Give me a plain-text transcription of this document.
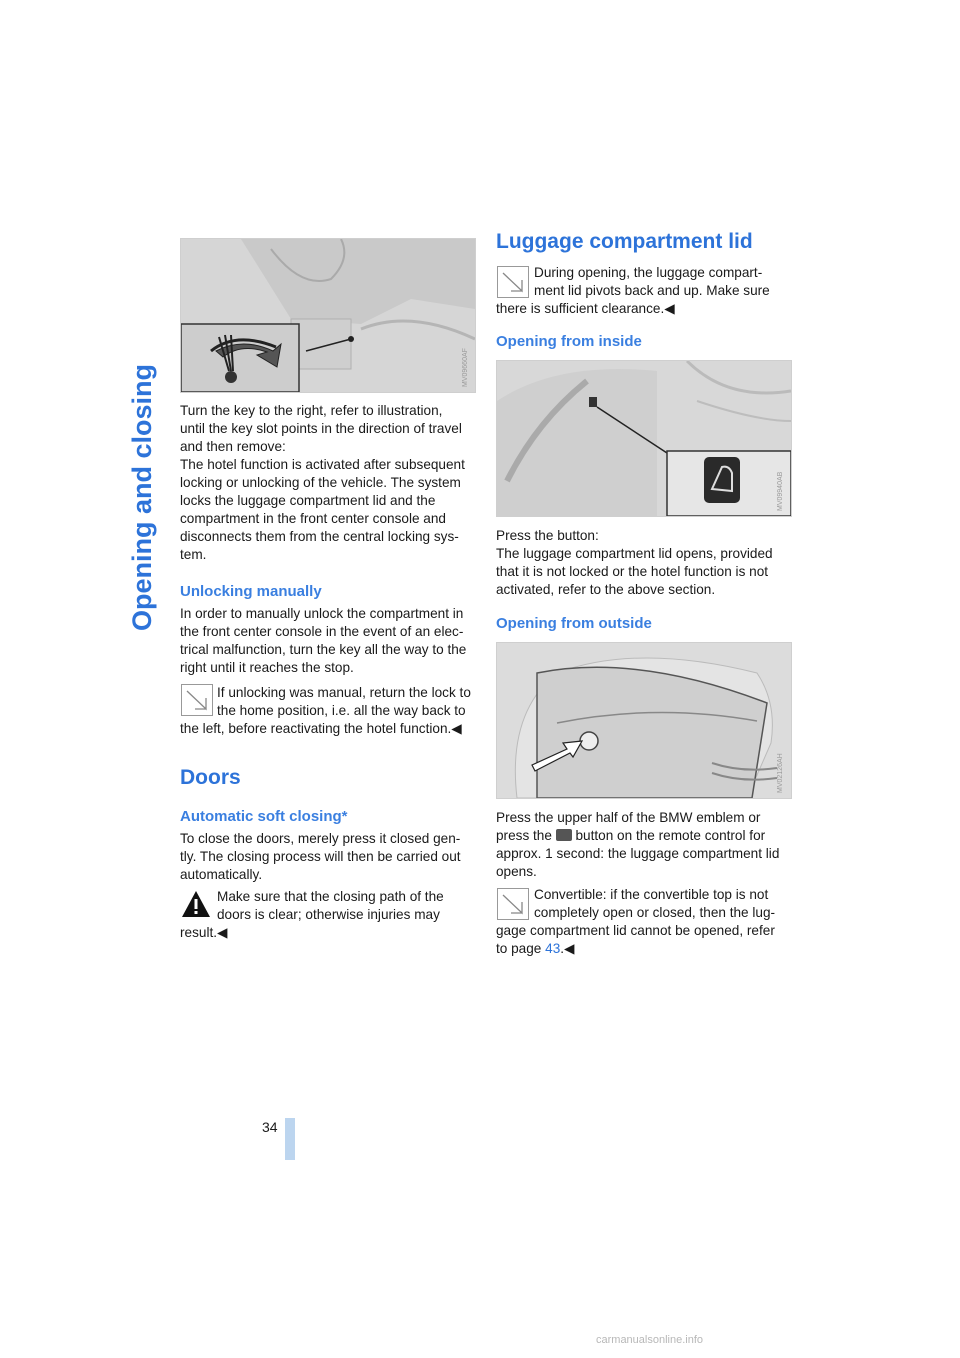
Opening and closing	MV09660AF
Turn the key to the right, refer to illustration,
until the key slot points in the direction of travel
and then remove:
The hotel function is activated after subsequent
locking or unlocking of the vehicle. The system
locks the luggage compartment lid and the
compartment in the front center console and
disconnects them from the central locking sys-
tem.
Unlocking manually
In order to manually unlock the compartment in
the front center console in the event of an elec-
trical malfunction, turn the key all the way to the
right until it reaches the stop.
If unlocking was manual, return the lock to
the home position, i.e. all the way back to
the left, before reactivating the hotel function.◀
Doors
Automatic soft closing*
To close the doors, merely press it closed gen-
tly. The closing process will then be carried out
automatically.
Make sure that the closing path of the
doors is clear; otherwise injuries may
result.◀
Luggage compartment lid
During opening, the luggage compart-
ment lid pivots back and up. Make sure
there is sufficient clearance.◀
Opening from inside
MV09940AB
Press the button:
The luggage compartment lid opens, provided
that it is not locked or the hotel function is not
activated, refer to the above section.
Opening from outside
MV02126AH
Press the upper half of the BMW emblem or
press the button on the remote control for
approx. 1 second: the luggage compartment lid
opens.
Convertible: if the convertible top is not
completely open or closed, then the lug-
gage compartment lid cannot be opened, refer
to page 43.◀
34
carmanualsonline.info
